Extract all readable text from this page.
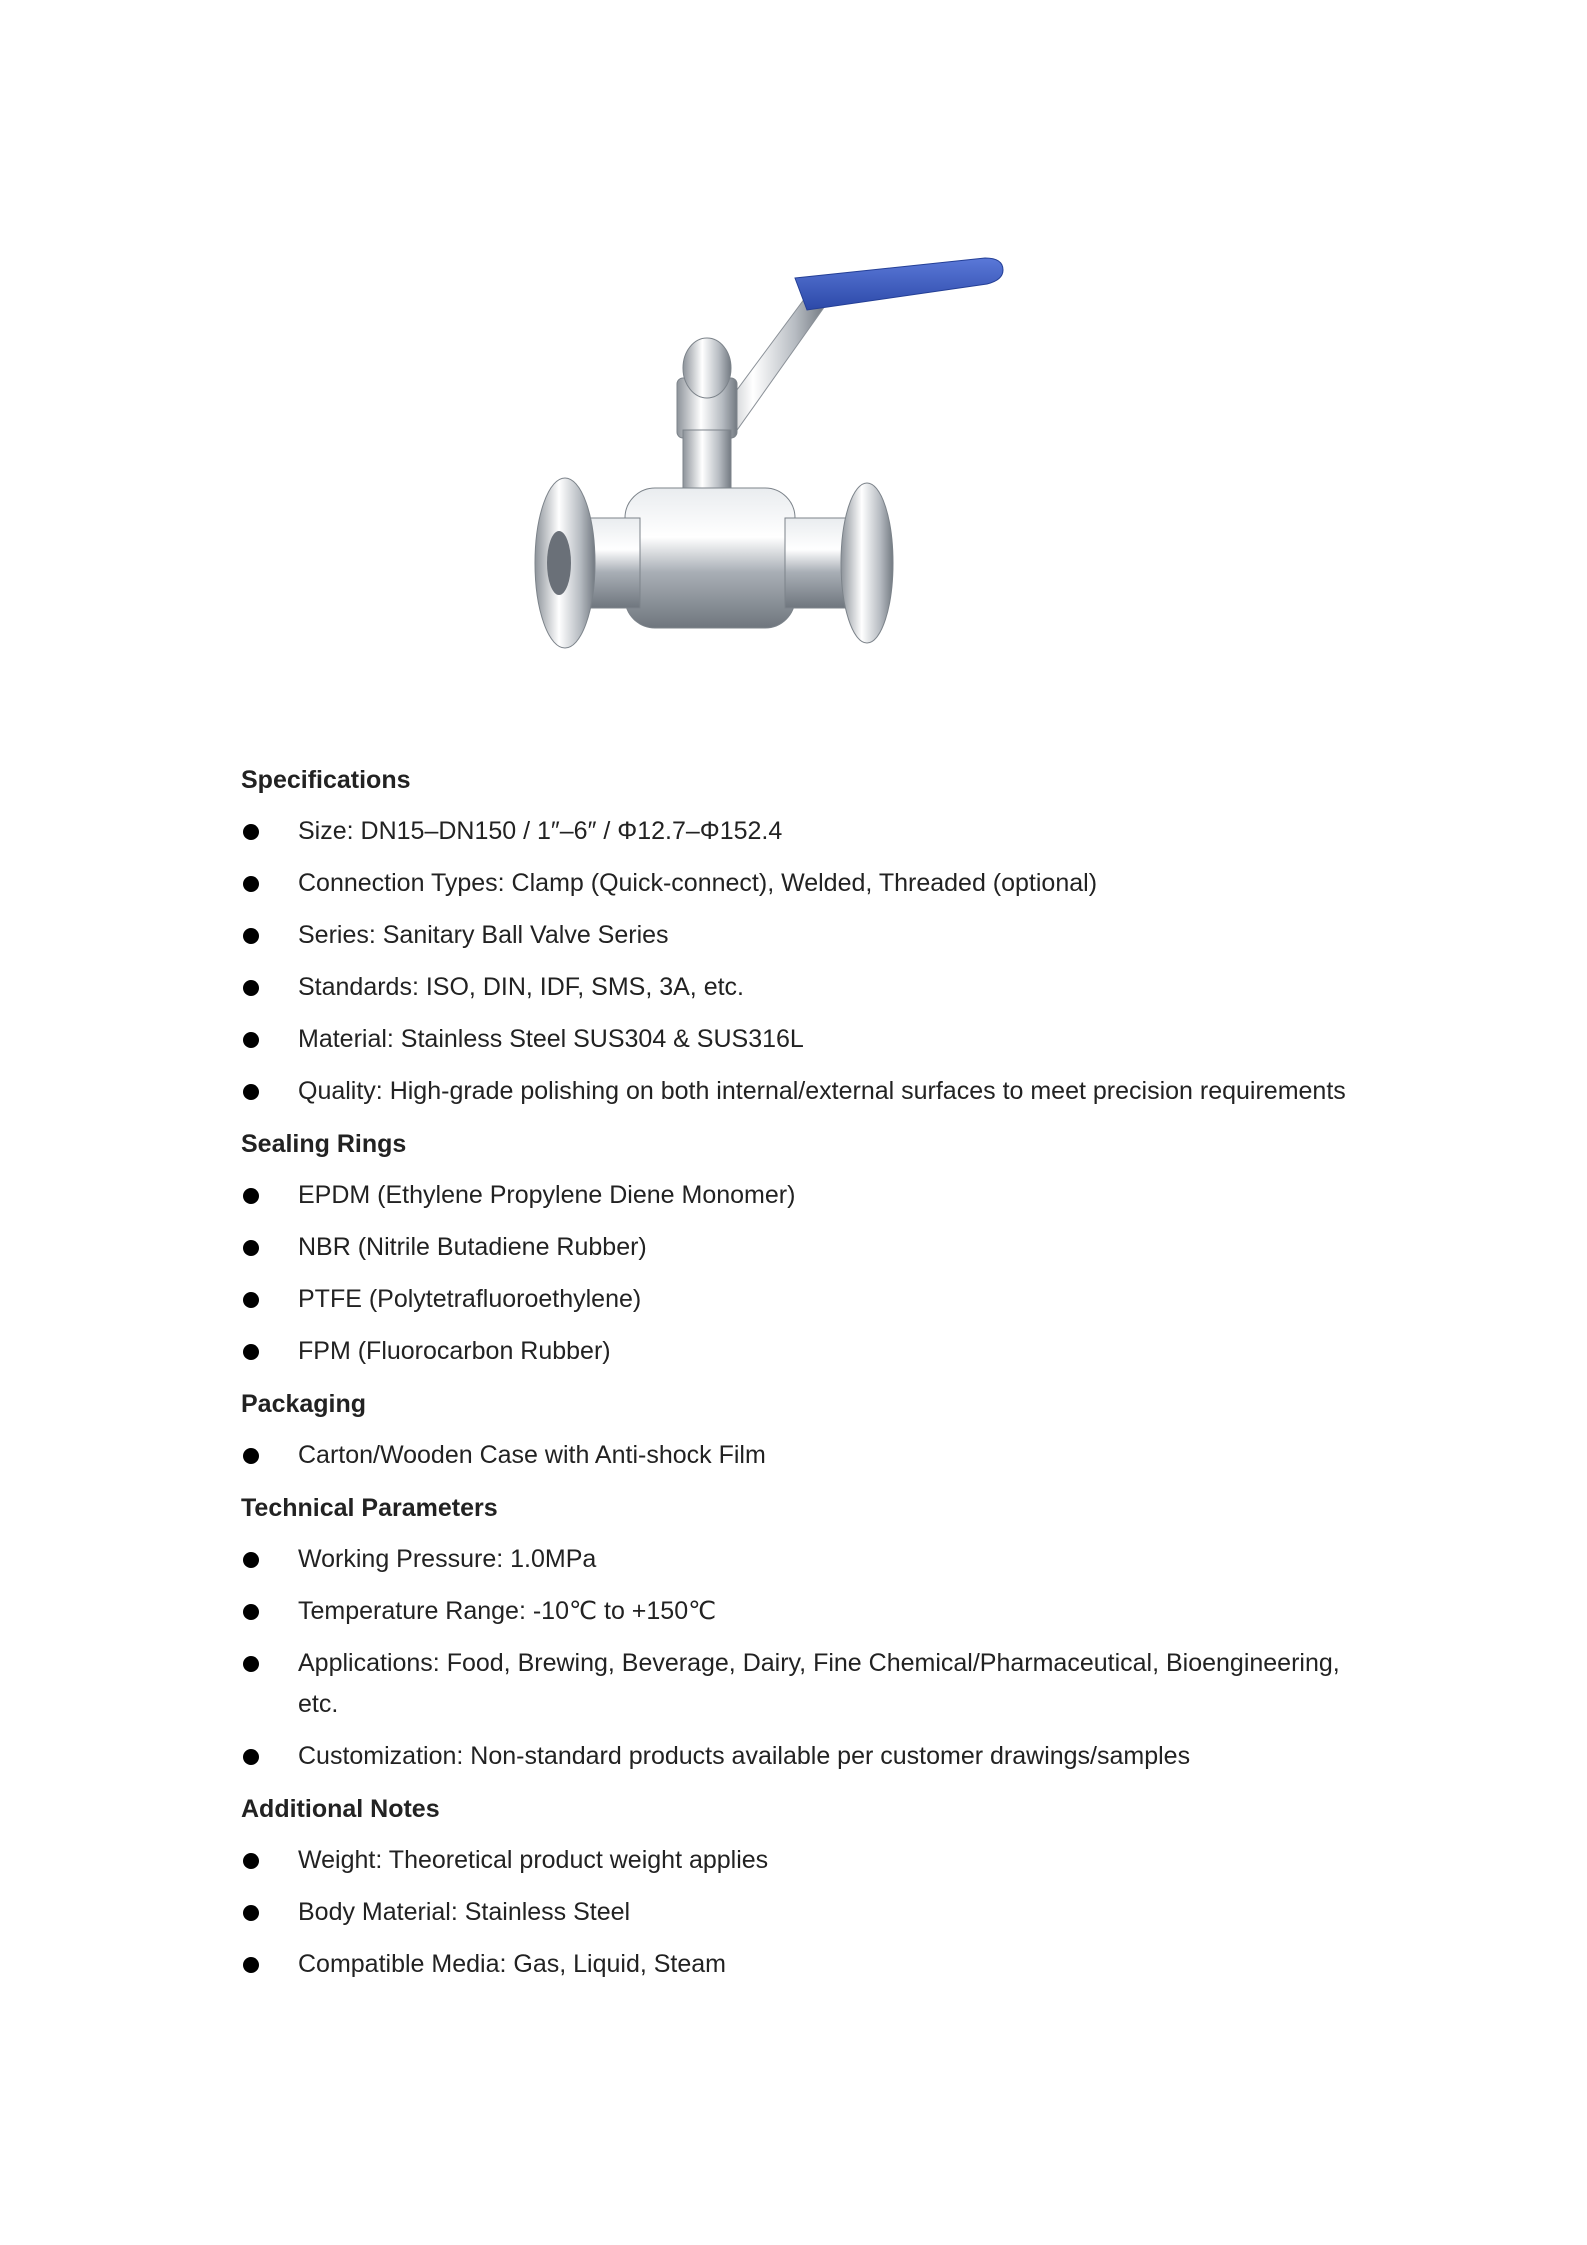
Specifications
Size: DN15–DN150 / 1″–6″ / Φ12.7–Φ152.4
Connection Types: Clamp (Quick-connect), Welded, Threaded (optional)
Series: Sanitary Ball Valve Series
Standards: ISO, DIN, IDF, SMS, 3A, etc.
Material: Stainless Steel SUS304 & SUS316L
Quality: High-grade polishing on both internal/external surfaces to meet precision requirements
Sealing Rings
EPDM (Ethylene Propylene Diene Monomer)
NBR (Nitrile Butadiene Rubber)
PTFE (Polytetrafluoroethylene)
FPM (Fluorocarbon Rubber)
Packaging
Carton/Wooden Case with Anti-shock Film
Technical Parameters
Working Pressure: 1.0MPa
Temperature Range: -10℃ to +150℃
Applications: Food, Brewing, Beverage, Dairy, Fine Chemical/Pharmaceutical, Bioengineering, etc.
Customization: Non-standard products available per customer drawings/samples
Additional Notes
Weight: Theoretical product weight applies
Body Material: Stainless Steel
Compatible Media: Gas, Liquid, Steam
